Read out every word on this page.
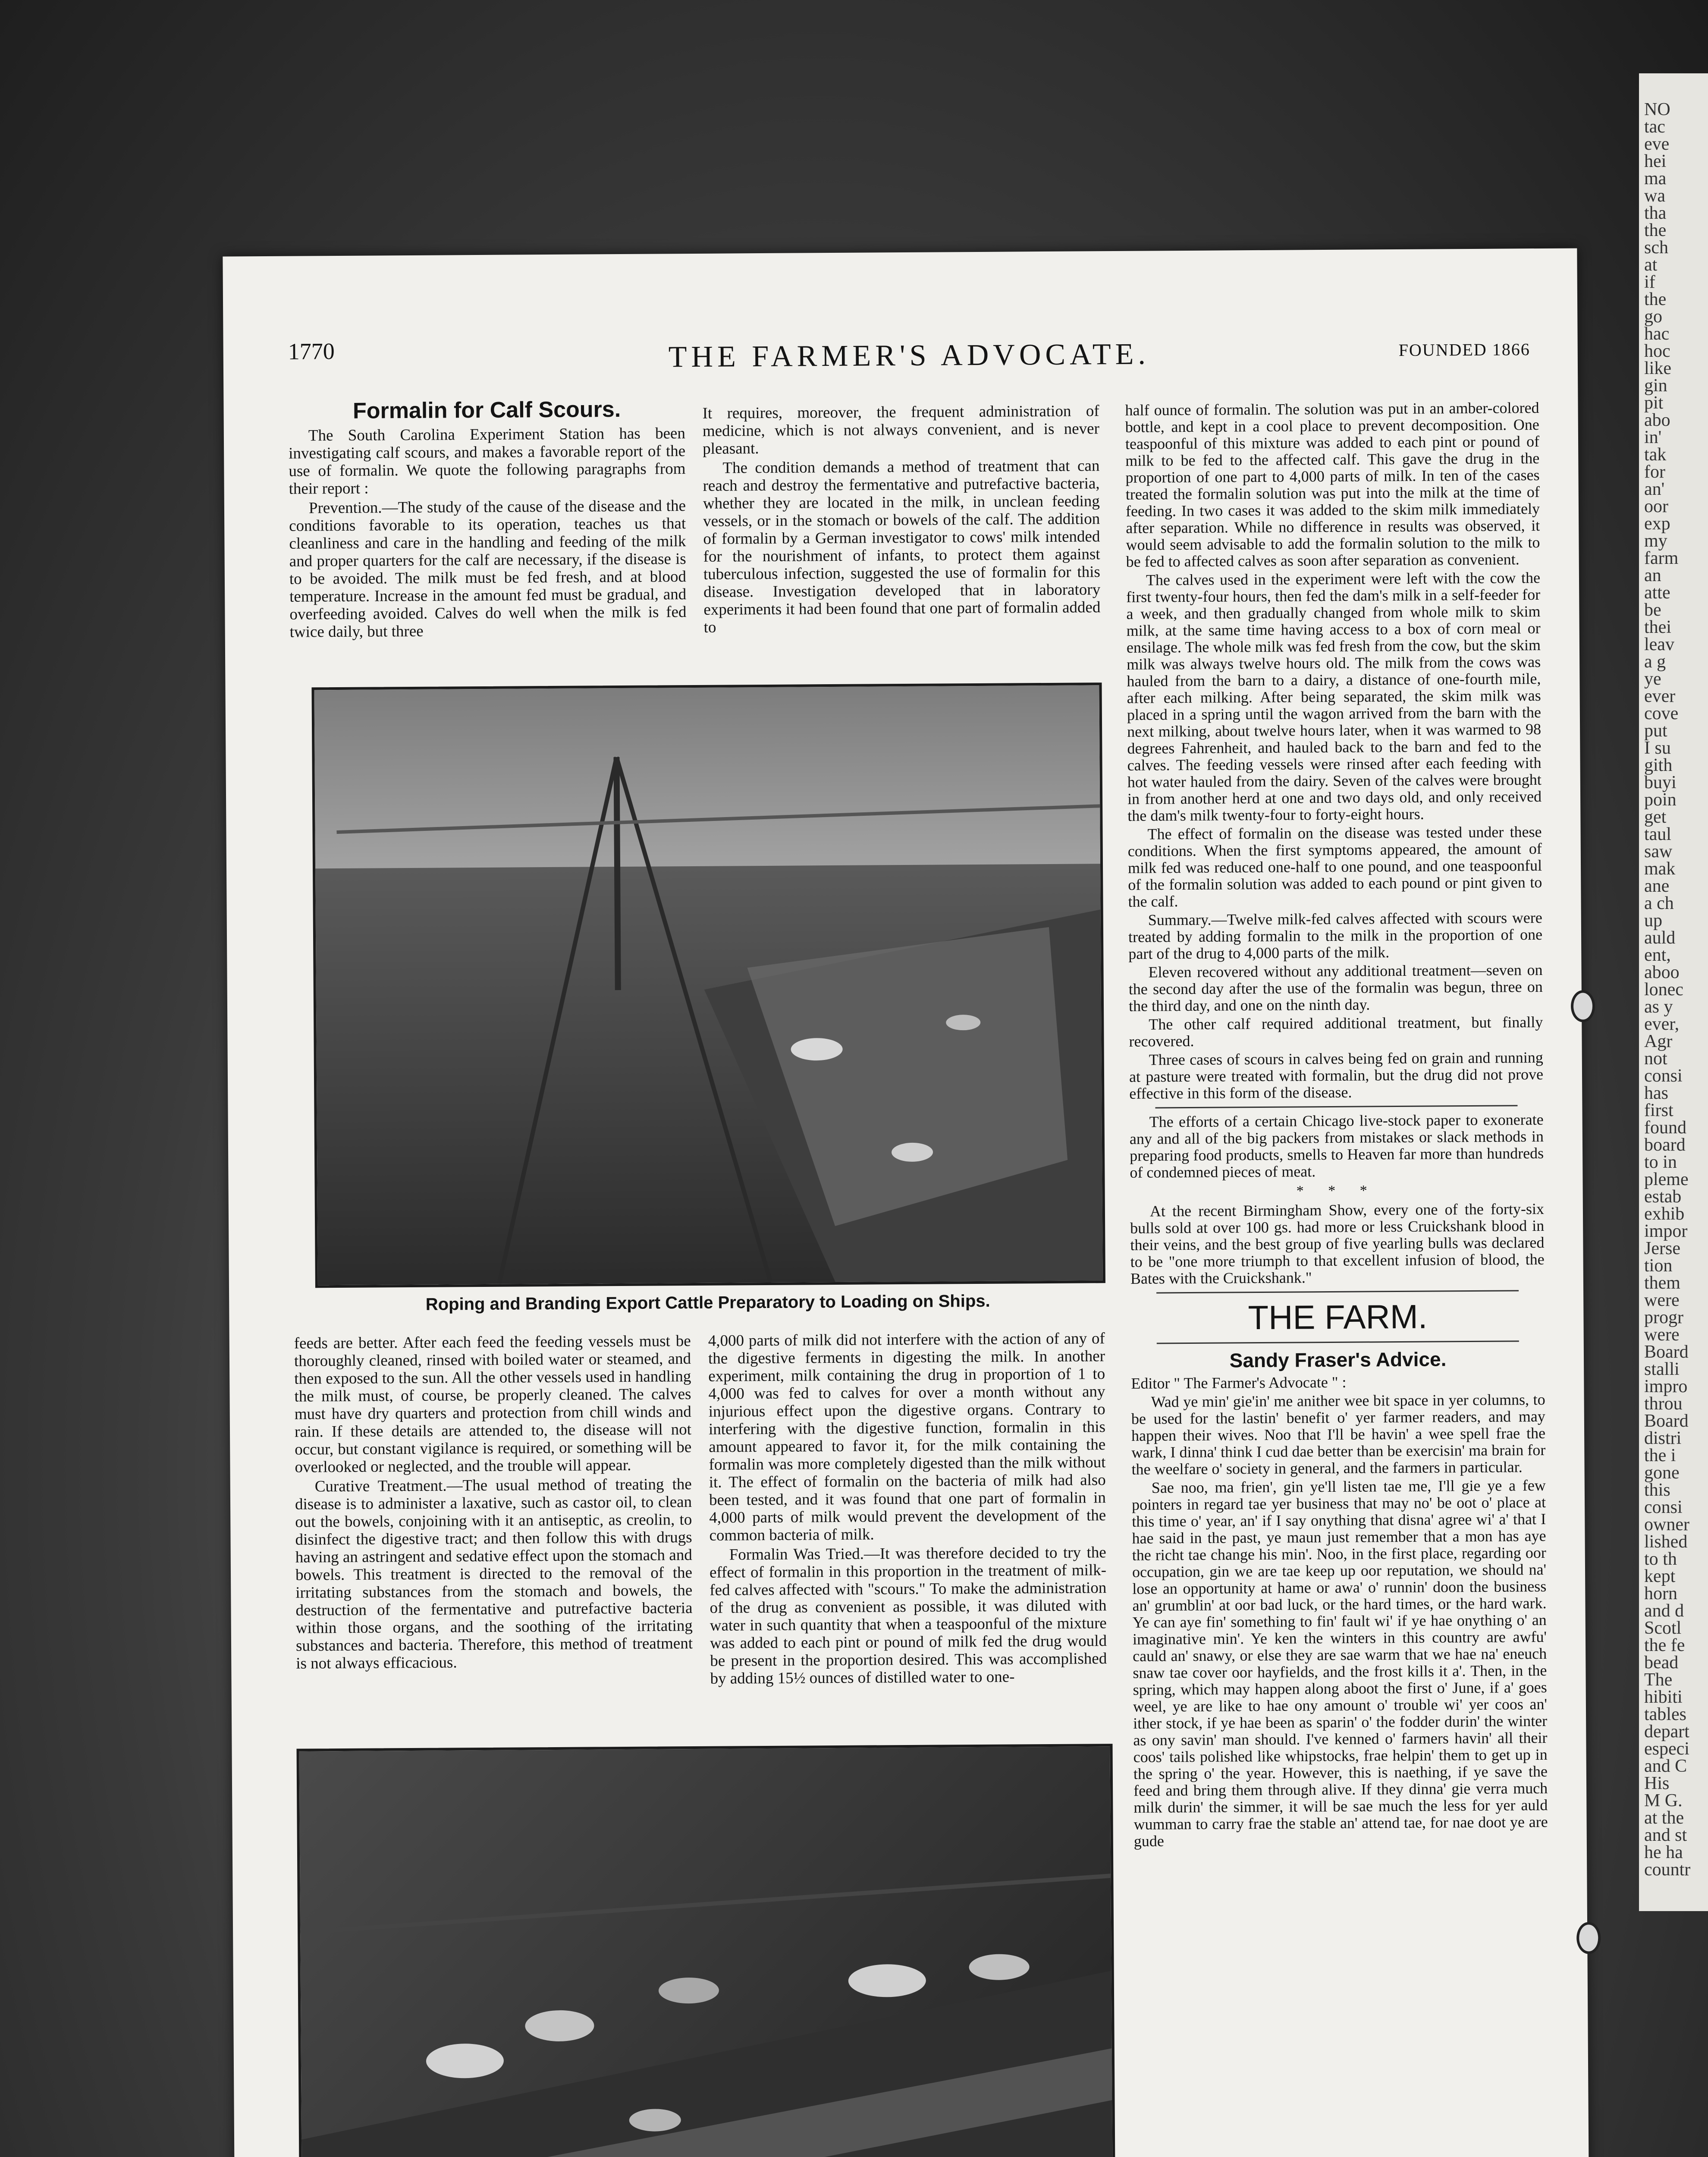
NO
tac
eve
hei
ma
wa
tha
the
sch
at
if
the
go
hac
hoc
like
gin
pit
abo
in'
tak
for
an'
oor
exp
my
farm
an
atte
be
thei
leav
a g
ye
ever
cove
put
I su
gith
buyi
poin
get
taul
saw
mak
ane
a ch
up
auld
ent,
aboo
lonec
as y
ever,
Agr
not
consi
has
first
found
board
to in
pleme
estab
exhib
impor
Jerse
tion
them
were
progr
were
Board
stalli
impro
throu
Board
distri
the i
gone
this
consi
owner
lished
to th
kept
horn
and d
Scotl
the fe
bead
The
hibiti
tables
depart
especi
and C
His
M G.
at the
and st
he ha
countr
1770	THE FARMER'S ADVOCATE.	FOUNDED 1866
Formalin for Calf Scours.

The South Carolina Experiment Station has been investigating calf scours, and makes a favorable report of the use of formalin. We quote the following paragraphs from their report :

Prevention.—The study of the cause of the disease and the conditions favorable to its operation, teaches us that cleanliness and care in the handling and feeding of the milk and proper quarters for the calf are necessary, if the disease is to be avoided. The milk must be fed fresh, and at blood temperature. Increase in the amount fed must be gradual, and overfeeding avoided. Calves do well when the milk is fed twice daily, but three

It requires, moreover, the frequent administration of medicine, which is not always convenient, and is never pleasant.

The condition demands a method of treatment that can reach and destroy the fermentative and putrefactive bacteria, whether they are located in the milk, in unclean feeding vessels, or in the stomach or bowels of the calf. The addition of formalin by a German investigator to cows' milk intended for the nourishment of infants, to protect them against tuberculous infection, suggested the use of formalin for this disease. Investigation developed that in laboratory experiments it had been found that one part of formalin added to

Roping and Branding Export Cattle Preparatory to Loading on Ships.

feeds are better. After each feed the feeding vessels must be thoroughly cleaned, rinsed with boiled water or steamed, and then exposed to the sun. All the other vessels used in handling the milk must, of course, be properly cleaned. The calves must have dry quarters and protection from chill winds and rain. If these details are attended to, the disease will not occur, but constant vigilance is required, or something will be overlooked or neglected, and the trouble will appear.

Curative Treatment.—The usual method of treating the disease is to administer a laxative, such as castor oil, to clean out the bowels, conjoining with it an antiseptic, as creolin, to disinfect the digestive tract; and then follow this with drugs having an astringent and sedative effect upon the stomach and bowels. This treatment is directed to the removal of the irritating substances from the stomach and bowels, the destruction of the fermentative and putrefactive bacteria within those organs, and the soothing of the irritating substances and bacteria. Therefore, this method of treatment is not always efficacious.

4,000 parts of milk did not interfere with the action of any of the digestive ferments in digesting the milk. In another experiment, milk containing the drug in proportion of 1 to 4,000 was fed to calves for over a month without any injurious effect upon the digestive organs. Contrary to interfering with the digestive function, formalin in this amount appeared to favor it, for the milk containing the formalin was more completely digested than the milk without it. The effect of formalin on the bacteria of milk had also been tested, and it was found that one part of formalin in 4,000 parts of milk would prevent the development of the common bacteria of milk.

Formalin Was Tried.—It was therefore decided to try the effect of formalin in this proportion in the treatment of milk-fed calves affected with "scours." To make the administration of the drug as convenient as possible, it was diluted with water in such quantity that when a teaspoonful of the mixture was added to each pint or pound of milk fed the drug would be present in the proportion desired. This was accomplished by adding 15½ ounces of distilled water to one-

half ounce of formalin. The solution was put in an amber-colored bottle, and kept in a cool place to prevent decomposition. One teaspoonful of this mixture was added to each pint or pound of milk to be fed to the affected calf. This gave the drug in the proportion of one part to 4,000 parts of milk. In ten of the cases treated the formalin solution was put into the milk at the time of feeding. In two cases it was added to the skim milk immediately after separation. While no difference in results was observed, it would seem advisable to add the formalin solution to the milk to be fed to affected calves as soon after separation as convenient.

The calves used in the experiment were left with the cow the first twenty-four hours, then fed the dam's milk in a self-feeder for a week, and then gradually changed from whole milk to skim milk, at the same time having access to a box of corn meal or ensilage. The whole milk was fed fresh from the cow, but the skim milk was always twelve hours old. The milk from the cows was hauled from the barn to a dairy, a distance of one-fourth mile, after each milking. After being separated, the skim milk was placed in a spring until the wagon arrived from the barn with the next milking, about twelve hours later, when it was warmed to 98 degrees Fahrenheit, and hauled back to the barn and fed to the calves. The feeding vessels were rinsed after each feeding with hot water hauled from the dairy. Seven of the calves were brought in from another herd at one and two days old, and only received the dam's milk twenty-four to forty-eight hours.

The effect of formalin on the disease was tested under these conditions. When the first symptoms appeared, the amount of milk fed was reduced one-half to one pound, and one teaspoonful of the formalin solution was added to each pound or pint given to the calf.

Summary.—Twelve milk-fed calves affected with scours were treated by adding formalin to the milk in the proportion of one part of the drug to 4,000 parts of the milk.

Eleven recovered without any additional treatment—seven on the second day after the use of the formalin was begun, three on the third day, and one on the ninth day.

The other calf required additional treatment, but finally recovered.

Three cases of scours in calves being fed on grain and running at pasture were treated with formalin, but the drug did not prove effective in this form of the disease.

The efforts of a certain Chicago live-stock paper to exonerate any and all of the big packers from mistakes or slack methods in preparing food products, smells to Heaven far more than hundreds of condemned pieces of meat.

* * *

At the recent Birmingham Show, every one of the forty-six bulls sold at over 100 gs. had more or less Cruickshank blood in their veins, and the best group of five yearling bulls was declared to be "one more triumph to that excellent infusion of blood, the Bates with the Cruickshank."

THE FARM.
Sandy Fraser's Advice.

Editor " The Farmer's Advocate " :

Wad ye min' gie'in' me anither wee bit space in yer columns, to be used for the lastin' benefit o' yer farmer readers, and may happen their wives. Noo that I'll be havin' a wee spell frae the wark, I dinna' think I cud dae better than be exercisin' ma brain for the weelfare o' society in general, and the farmers in particular.

Sae noo, ma frien', gin ye'll listen tae me, I'll gie ye a few pointers in regard tae yer business that may no' be oot o' place at this time o' year, an' if I say onything that disna' agree wi' a' that I hae said in the past, ye maun just remember that a mon has aye the richt tae change his min'. Noo, in the first place, regarding oor occupation, gin we are tae keep up oor reputation, we should na' lose an opportunity at hame or awa' o' runnin' doon the business an' grumblin' at oor bad luck, or the hard times, or the hard wark. Ye can aye fin' something to fin' fault wi' if ye hae onything o' an imaginative min'. Ye ken the winters in this country are awfu' cauld an' snawy, or else they are sae warm that we hae na' eneuch snaw tae cover oor hayfields, and the frost kills it a'. Then, in the spring, which may happen along aboot the first o' June, if a' goes weel, ye are like to hae ony amount o' trouble wi' yer coos an' ither stock, if ye hae been as sparin' o' the fodder durin' the winter as ony savin' man should. I've kenned o' farmers havin' all their coos' tails polished like whipstocks, frae helpin' them to get up in the spring o' the year. However, this is naething, if ye save the feed and bring them through alive. If they dinna' gie verra much milk durin' the simmer, it will be sae much the less for yer auld wumman to carry frae the stable an' attend tae, for nae doot ye are gude
